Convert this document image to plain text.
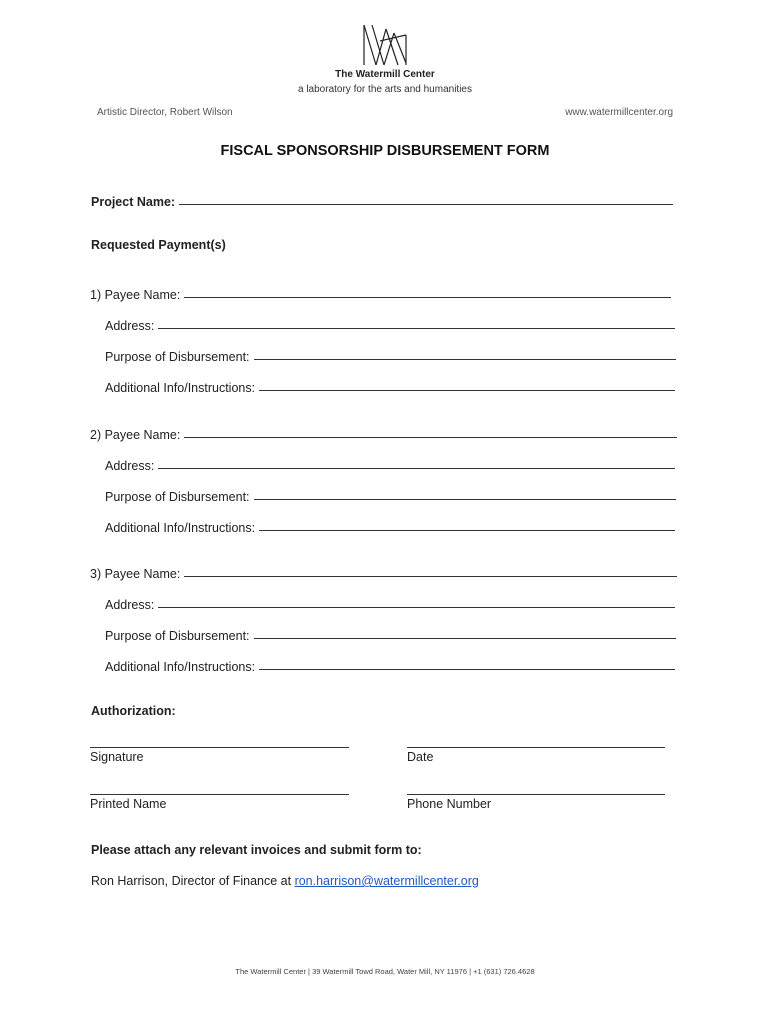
The Watermill Center
a laboratory for the arts and humanities
Artistic Director, Robert Wilson	www.watermillcenter.org
FISCAL SPONSORSHIP DISBURSEMENT FORM
Project Name:
Requested Payment(s)
1) Payee Name:
Address:
Purpose of Disbursement:
Additional Info/Instructions:
2) Payee Name:
Address:
Purpose of Disbursement:
Additional Info/Instructions:
3) Payee Name:
Address:
Purpose of Disbursement:
Additional Info/Instructions:
Authorization:
Signature	Date
Printed Name	Phone Number
Please attach any relevant invoices and submit form to:
Ron Harrison, Director of Finance at ron.harrison@watermillcenter.org
The Watermill Center | 39 Watermill Towd Road, Water Mill, NY 11976 | +1 (631) 726.4628
